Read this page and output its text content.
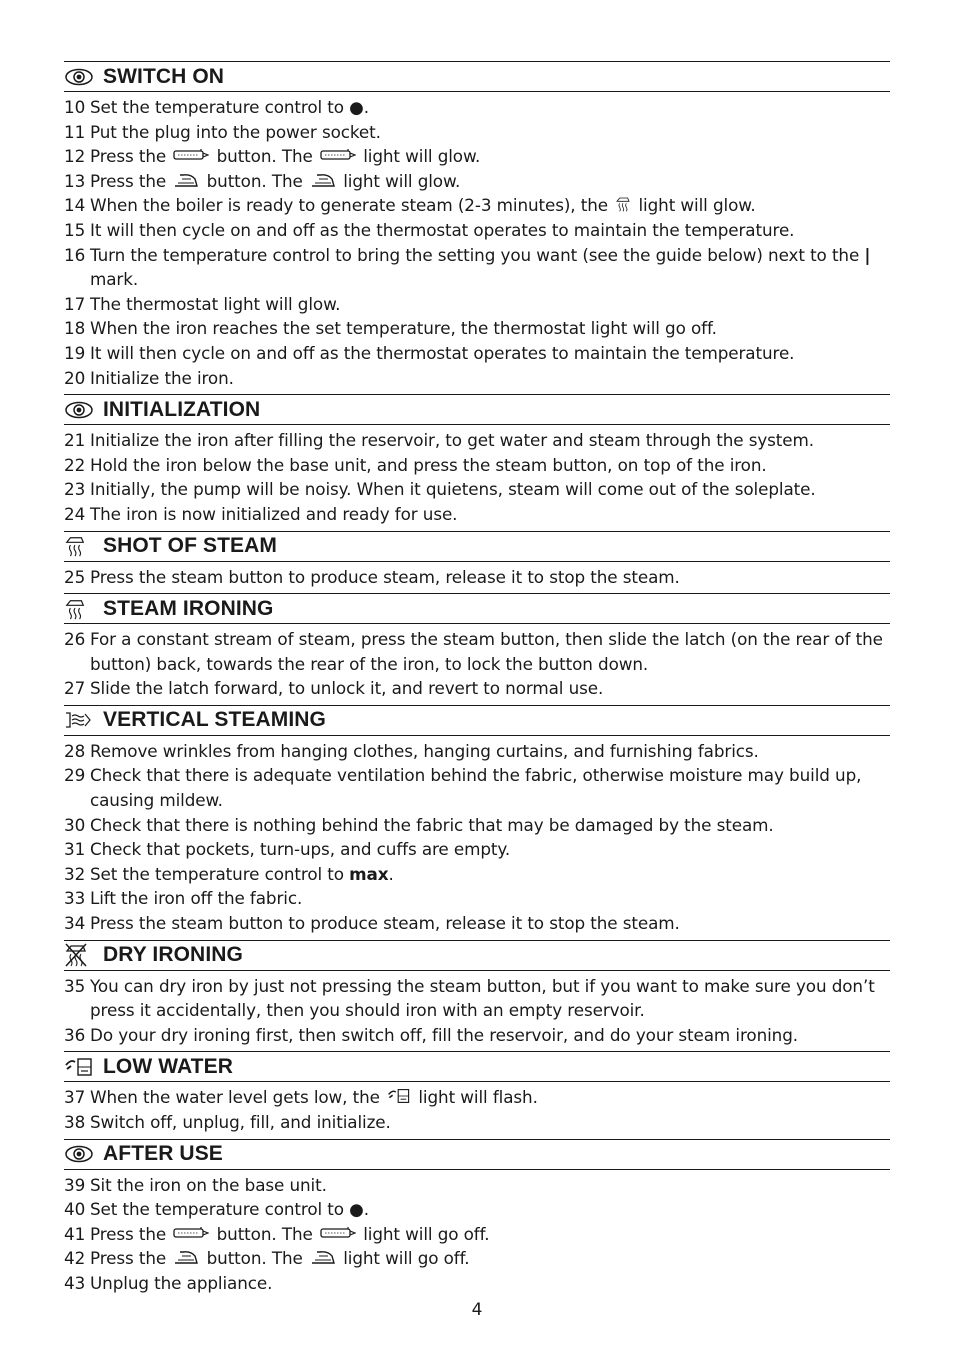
SWITCH ON
10 Set the temperature control to ●.
11 Put the plug into the power socket.
12 Press the	button. The	light will glow.
13 Press the button. The light will glow.
14 When the boiler is ready to generate steam (2-3 minutes), the light will glow.
15 It will then cycle on and off as the thermostat operates to maintain the temperature.
16 Turn the temperature control to bring the setting you want (see the guide below) next to the | mark.
17 The thermostat light will glow.
18 When the iron reaches the set temperature, the thermostat light will go off.
19 It will then cycle on and off as the thermostat operates to maintain the temperature.
20 Initialize the iron.
INITIALIZATION
21 Initialize the iron after filling the reservoir, to get water and steam through the system.
22 Hold the iron below the base unit, and press the steam button, on top of the iron.
23 Initially, the pump will be noisy. When it quietens, steam will come out of the soleplate.
24 The iron is now initialized and ready for use.
SHOT OF STEAM
25 Press the steam button to produce steam, release it to stop the steam.
STEAM IRONING
26 For a constant stream of steam, press the steam button, then slide the latch (on the rear of the button) back, towards the rear of the iron, to lock the button down.
27 Slide the latch forward, to unlock it, and revert to normal use.
VERTICAL STEAMING
28 Remove wrinkles from hanging clothes, hanging curtains, and furnishing fabrics.
29 Check that there is adequate ventilation behind the fabric, otherwise moisture may build up, causing mildew.
30 Check that there is nothing behind the fabric that may be damaged by the steam.
31 Check that pockets, turn-ups, and cuffs are empty.
32 Set the temperature control to max.
33 Lift the iron off the fabric.
34 Press the steam button to produce steam, release it to stop the steam.
DRY IRONING
35 You can dry iron by just not pressing the steam button, but if you want to make sure you don’t press it accidentally, then you should iron with an empty reservoir.
36 Do your dry ironing first, then switch off, fill the reservoir, and do your steam ironing.
LOW WATER
37 When the water level gets low, the light will flash.
38 Switch off, unplug, fill, and initialize.
AFTER USE
39 Sit the iron on the base unit.
40 Set the temperature control to ●.
41 Press the	button. The	light will go off.
42 Press the button. The light will go off.
43 Unplug the appliance.
4
